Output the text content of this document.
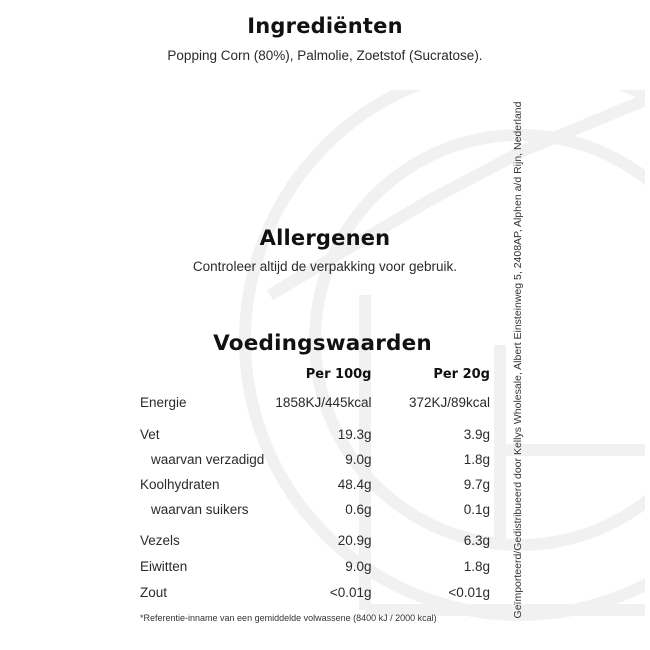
Ingrediënten

Popping Corn (80%), Palmolie, Zoetstof (Sucratose).

Allergenen

Controleer altijd de verpakking voor gebruik.

Voedingswaarden
	Per 100g	Per 20g
Energie	1858KJ/445kcal	372KJ/89kcal
Vet	19.3g	3.9g
waarvan verzadigd	9.0g	1.8g
Koolhydraten	48.4g	9.7g
waarvan suikers	0.6g	0.1g
Vezels	20.9g	6.3g
Eiwitten	9.0g	1.8g
Zout	<0.01g	<0.01g

*Referentie-inname van een gemiddelde volwassene (8400 kJ / 2000 kcal)	Geïmporteerd/Gedistribueerd door Kellys Wholesale, Albert Einsteinweg 5, 2408AP, Alphen a/d Rijn, Nederland
